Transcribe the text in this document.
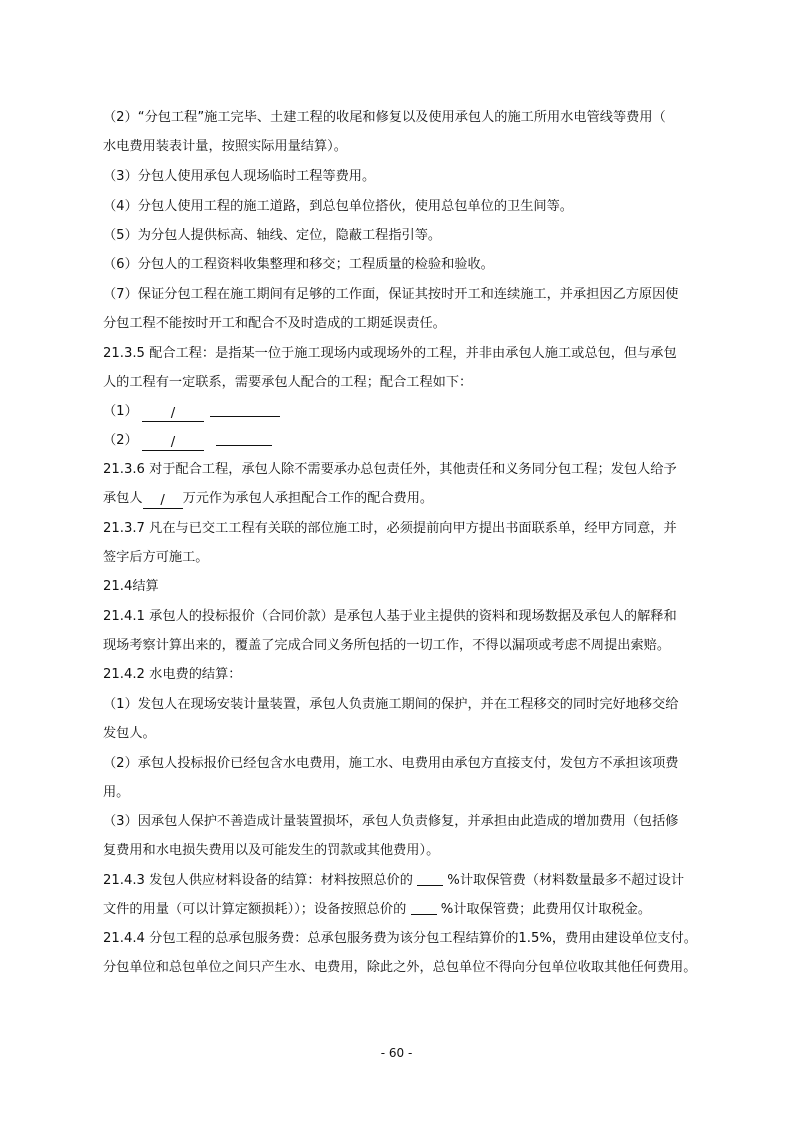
（2）“分包工程”施工完毕、土建工程的收尾和修复以及使用承包人的施工所用水电管线等费用（
水电费用装表计量，按照实际用量结算）。
（3）分包人使用承包人现场临时工程等费用。
（4）分包人使用工程的施工道路，到总包单位搭伙，使用总包单位的卫生间等。
（5）为分包人提供标高、轴线、定位，隐蔽工程指引等。
（6）分包人的工程资料收集整理和移交；工程质量的检验和验收。
（7）保证分包工程在施工期间有足够的工作面，保证其按时开工和连续施工，并承担因乙方原因使
分包工程不能按时开工和配合不及时造成的工期延误责任。
21.3.5 配合工程：是指某一位于施工现场内或现场外的工程，并非由承包人施工或总包，但与承包
人的工程有一定联系，需要承包人配合的工程；配合工程如下：
（1） /
（2） /
21.3.6 对于配合工程，承包人除不需要承办总包责任外，其他责任和义务同分包工程；发包人给予
承包人 / 万元作为承包人承担配合工作的配合费用。
21.3.7 凡在与已交工工程有关联的部位施工时，必须提前向甲方提出书面联系单，经甲方同意，并
签字后方可施工。
21.4结算
21.4.1 承包人的投标报价（合同价款）是承包人基于业主提供的资料和现场数据及承包人的解释和
现场考察计算出来的，覆盖了完成合同义务所包括的一切工作，不得以漏项或考虑不周提出索赔。
21.4.2 水电费的结算：
（1）发包人在现场安装计量装置，承包人负责施工期间的保护，并在工程移交的同时完好地移交给
发包人。
（2）承包人投标报价已经包含水电费用，施工水、电费用由承包方直接支付，发包方不承担该项费
用。
（3）因承包人保护不善造成计量装置损坏，承包人负责修复，并承担由此造成的增加费用（包括修
复费用和水电损失费用以及可能发生的罚款或其他费用）。
21.4.3 发包人供应材料设备的结算：材料按照总价的	%计取保管费（材料数量最多不超过设计
文件的用量（可以计算定额损耗））；设备按照总价的	%计取保管费；此费用仅计取税金。
21.4.4 分包工程的总承包服务费：总承包服务费为该分包工程结算价的1.5%，费用由建设单位支付。
分包单位和总包单位之间只产生水、电费用，除此之外，总包单位不得向分包单位收取其他任何费用。
- 60 -
